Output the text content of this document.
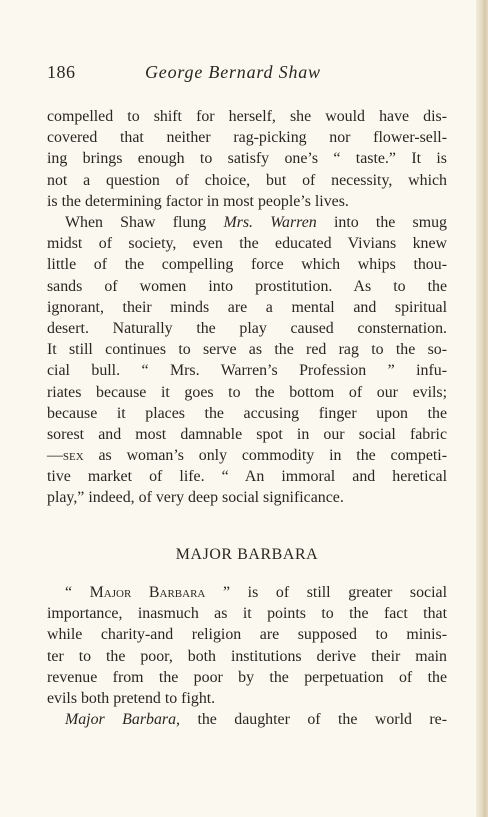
186	George Bernard Shaw
compelled to shift for herself, she would have dis-
covered that neither rag-picking nor flower-sell-
ing brings enough to satisfy one’s “ taste.” It is
not a question of choice, but of necessity, which
is the determining factor in most people’s lives.
When Shaw flung Mrs. Warren into the smug
midst of society, even the educated Vivians knew
little of the compelling force which whips thou-
sands of women into prostitution. As to the
ignorant, their minds are a mental and spiritual
desert. Naturally the play caused consternation.
It still continues to serve as the red rag to the so-
cial bull. “ Mrs. Warren’s Profession ” infu-
riates because it goes to the bottom of our evils;
because it places the accusing finger upon the
sorest and most damnable spot in our social fabric
—sex as woman’s only commodity in the competi-
tive market of life. “ An immoral and heretical
play,” indeed, of very deep social significance.
MAJOR BARBARA
“ Major Barbara ” is of still greater social
importance, inasmuch as it points to the fact that
while charity-and religion are supposed to minis-
ter to the poor, both institutions derive their main
revenue from the poor by the perpetuation of the
evils both pretend to fight.
Major Barbara, the daughter of the world re-
